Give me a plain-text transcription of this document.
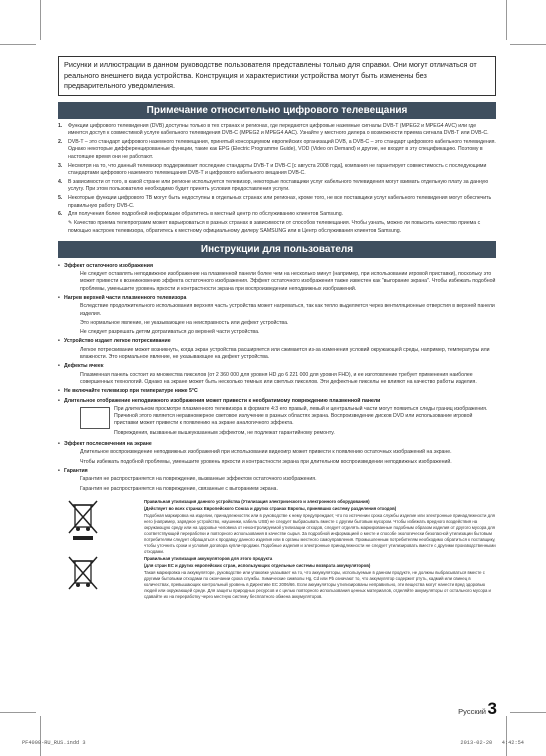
Рисунки и иллюстрации в данном руководстве пользователя представлены только для справки. Они могут отличаться от реального внешнего вида устройства. Конструкция и характеристики устройства могут быть изменены без предварительного уведомления.
Примечание относительно цифрового телевещания
1. Функции цифрового телевидения (DVB) доступны только в тех странах и регионах, где передаются цифровые наземные сигналы DVB-T (MPEG2 и MPEG4 AVC) или где имеется доступ к совместимой услуге кабельного телевидения DVB-C (MPEG2 и MPEG4 AAC). Узнайте у местного дилера о возможности приема сигнала DVB-T или DVB-C.
2. DVB-T – это стандарт цифрового наземного телевещания, принятый консорциумом европейских организаций DVB, а DVB-C – это стандарт цифрового кабельного телевидения. Однако некоторые дифференцированные функции, такие как EPG (Electric Programme Guide), VOD (Video on Demand) и другие, не входят в эту спецификацию. Поэтому в настоящее время они не работают.
3. Несмотря на то, что данный телевизор поддерживает последние стандарты DVB-T и DVB-C [с августа 2008 года], компания не гарантирует совместимость с последующими стандартами цифрового наземного телевещания DVB-T и цифрового кабельного вещания DVB-C.
4. В зависимости от того, в какой стране или регионе используется телевизор, некоторые поставщики услуг кабельного телевидения могут взимать отдельную плату за данную услугу. При этом пользователю необходимо будет принять условия предоставления услуги.
5. Некоторые функции цифрового ТВ могут быть недоступны в отдельных странах или регионах, кроме того, не все поставщики услуг кабельного телевидения могут обеспечить правильную работу DVB-C.
6. Для получения более подробной информации обратитесь в местный центр по обслуживанию клиентов Samsung.
✎ Качество приема телепрограмм может варьироваться в разных странах в зависимости от способов телевещания. Чтобы узнать, можно ли повысить качество приема с помощью настроек телевизора, обратитесь к местному официальному дилеру SAMSUNG или в Центр обслуживания клиентов Samsung.
Инструкции для пользователя
• Эффект остаточного изображения

Не следует оставлять неподвижное изображение на плазменной панели более чем на несколько минут (например, при использовании игровой приставки), поскольку это может привести к возникновению эффекта остаточного изображения. Эффект остаточного изображения также известен как "выгорание экрана". Чтобы избежать подобной проблемы, уменьшите уровень яркости и контрастности экрана при воспроизведении неподвижных изображений.

• Нагрев верхней части плазменного телевизора

Вследствие продолжительного использования верхняя часть устройства может нагреваться, так как тепло выделяется через вентиляционные отверстия в верхней панели изделия.

Это нормальное явление, не указывающее на неисправность или дефект устройства.

Не следует разрешать детям дотрагиваться до верхней части устройства.

• Устройство издает легкое потрескивание

Легкое потрескивание может возникнуть, когда экран устройства расширяется или сжимается из-за изменения условий окружающей среды, например, температуры или влажности. Это нормальное явление, не указывающее на дефект устройства.

• Дефекты ячеек

Плазменная панель состоит из множества пикселов (от 2 360 000 для уровня HD до 6 221 000 для уровня FHD), и ее изготовление требует применения наиболее совершенных технологий. Однако на экране может быть несколько темных или светлых пикселов. Эти дефектные пикселы не влияют на качество работы изделия.

• Не включайте телевизор при температуре ниже 5°C
• Длительное отображение неподвижного изображения может привести к необратимому повреждению плазменной панели

При длительном просмотре плазменного телевизора в формате 4:3 его правый, левый и центральный части могут появиться следы границ изображения. Причиной этого является неравномерное световое излучение в разных областях экрана. Воспроизведение дисков DVD или использование игровой приставки может привести к появлению на экране аналогичного эффекта.

Повреждения, вызванные вышеуказанным эффектом, не подлежат гарантийному ремонту.

• Эффект послесвечения на экране

Длительное воспроизведение неподвижных изображений при использовании видеоигр может привести к появлению остаточных изображений на экране.

Чтобы избежать подобной проблемы, уменьшите уровень яркости и контрастности экрана при длительном воспроизведении неподвижных изображений.

• Гарантия

Гарантия не распространяется на повреждение, вызванные эффектом остаточного изображения.

Гарантия не распространяется на повреждение, связанные с выгоранием экрана.

Правильная утилизация данного устройства (Утилизация электрического и электронного оборудования)

(Действует во всех странах Европейского Союза и других странах Европы, принявших систему разделения отходов)

Подобная маркировка на изделии, принадлежностях или в руководстве к нему предупреждает, что по истечении срока службы изделие или электронные принадлежности для него (например, зарядное устройство, наушники, кабель USB) не следует выбрасывать вместе с другим бытовым мусором. Чтобы избежать вредного воздействия на окружающую среду или на здоровье человека от неконтролируемой утилизации отходов, следует отделять маркированные подобным образом изделия от другого мусора для соответствующей переработки и повторного использования в качестве сырья. За подробной информацией о месте и способе экологически безопасной утилизации бытовым потребителям следует обращаться к продавцу данного изделия или в органы местного самоуправления. Промышленным потребителям необходимо обратиться к поставщику, чтобы уточнить сроки и условия договора купли-продажи. Подобные изделия и электронные принадлежности не следует утилизировать вместе с другими производственными отходами.

Правильная утилизация аккумуляторов для этого продукта

(для стран ЕС и других европейских стран, использующих отдельные системы возврата аккумуляторов)

Такая маркировка на аккумуляторе, руководстве или упаковке указывает на то, что аккумуляторы, используемые в данном продукте, не должны выбрасываться вместе с другими бытовыми отходами по окончании срока службы. Химические символы Hg, Cd или Pb означают то, что аккумулятор содержит ртуть, кадмий или свинец в количествах, превышающих контрольный уровень в Директиве ЕС 2006/66. Если аккумуляторы утилизированы неправильно, эти вещества могут нанести вред здоровью людей или окружающей среде. Для защиты природных ресурсов и с целью повторного использования ценных материалов, отделяйте аккумуляторы от остального мусора и сдавайте их на переработку через местную систему бесплатного обмена аккумуляторов.

Русский 3
PF4000-RU_RUS.indd 3	2013-02-20 ￼ 4:42:54
